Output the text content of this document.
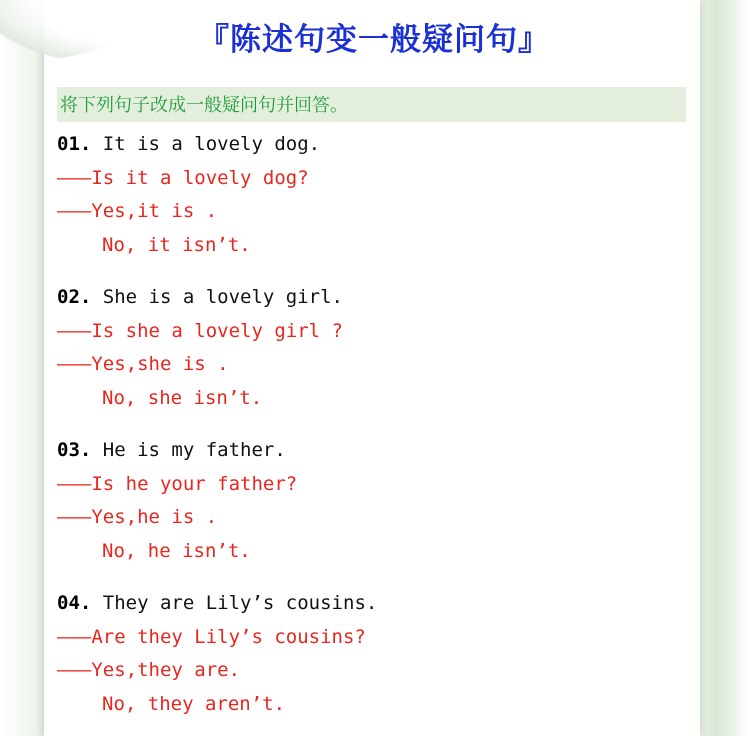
『陈述句变一般疑问句』

将下列句子改成一般疑问句并回答。

01. It is a lovely dog.
———Is it a lovely dog?
———Yes,it is .
No, it isn’t.
02. She is a lovely girl.
———Is she a lovely girl ?
———Yes,she is .
No, she isn’t.
03. He is my father.
———Is he your father?
———Yes,he is .
No, he isn’t.
04. They are Lily’s cousins.
———Are they Lily’s cousins?
———Yes,they are.
No, they aren’t.
